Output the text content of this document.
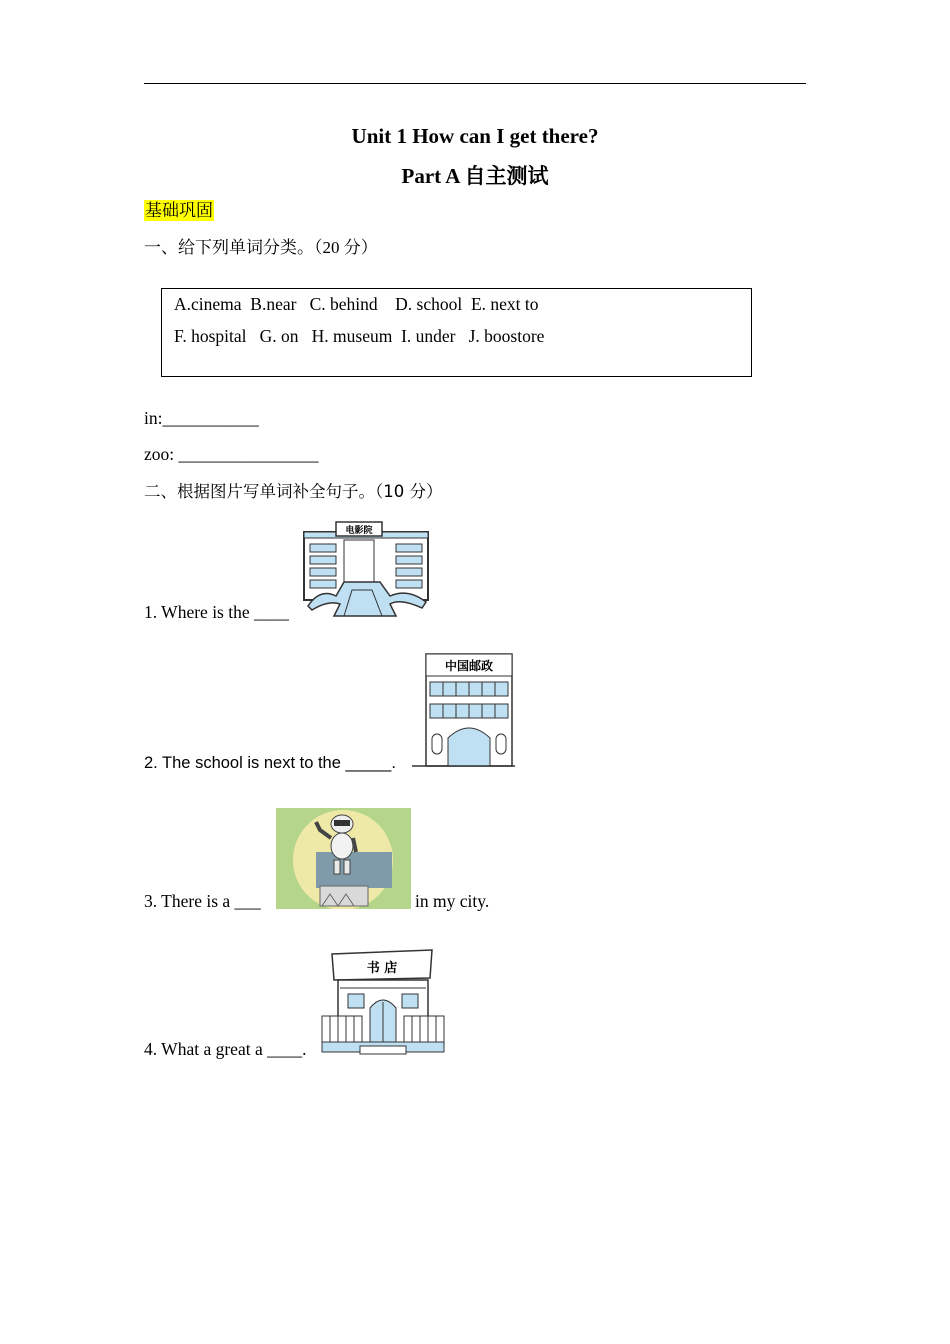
Unit 1 How can I get there?
Part A 自主测试
基础巩固
一、给下列单词分类。（20 分）
A.cinema  B.near   C. behind    D. school  E. next to
F. hospital   G. on   H. museum  I. under   J. boostore
in:___________
zoo: ________________
二、根据图片写单词补全句子。（10 分）
1. Where is the ____
电影院
2. The school is next to the _____.
中国邮政
3. There is a ___	in my city.
4. What a great a ____.
书 店
